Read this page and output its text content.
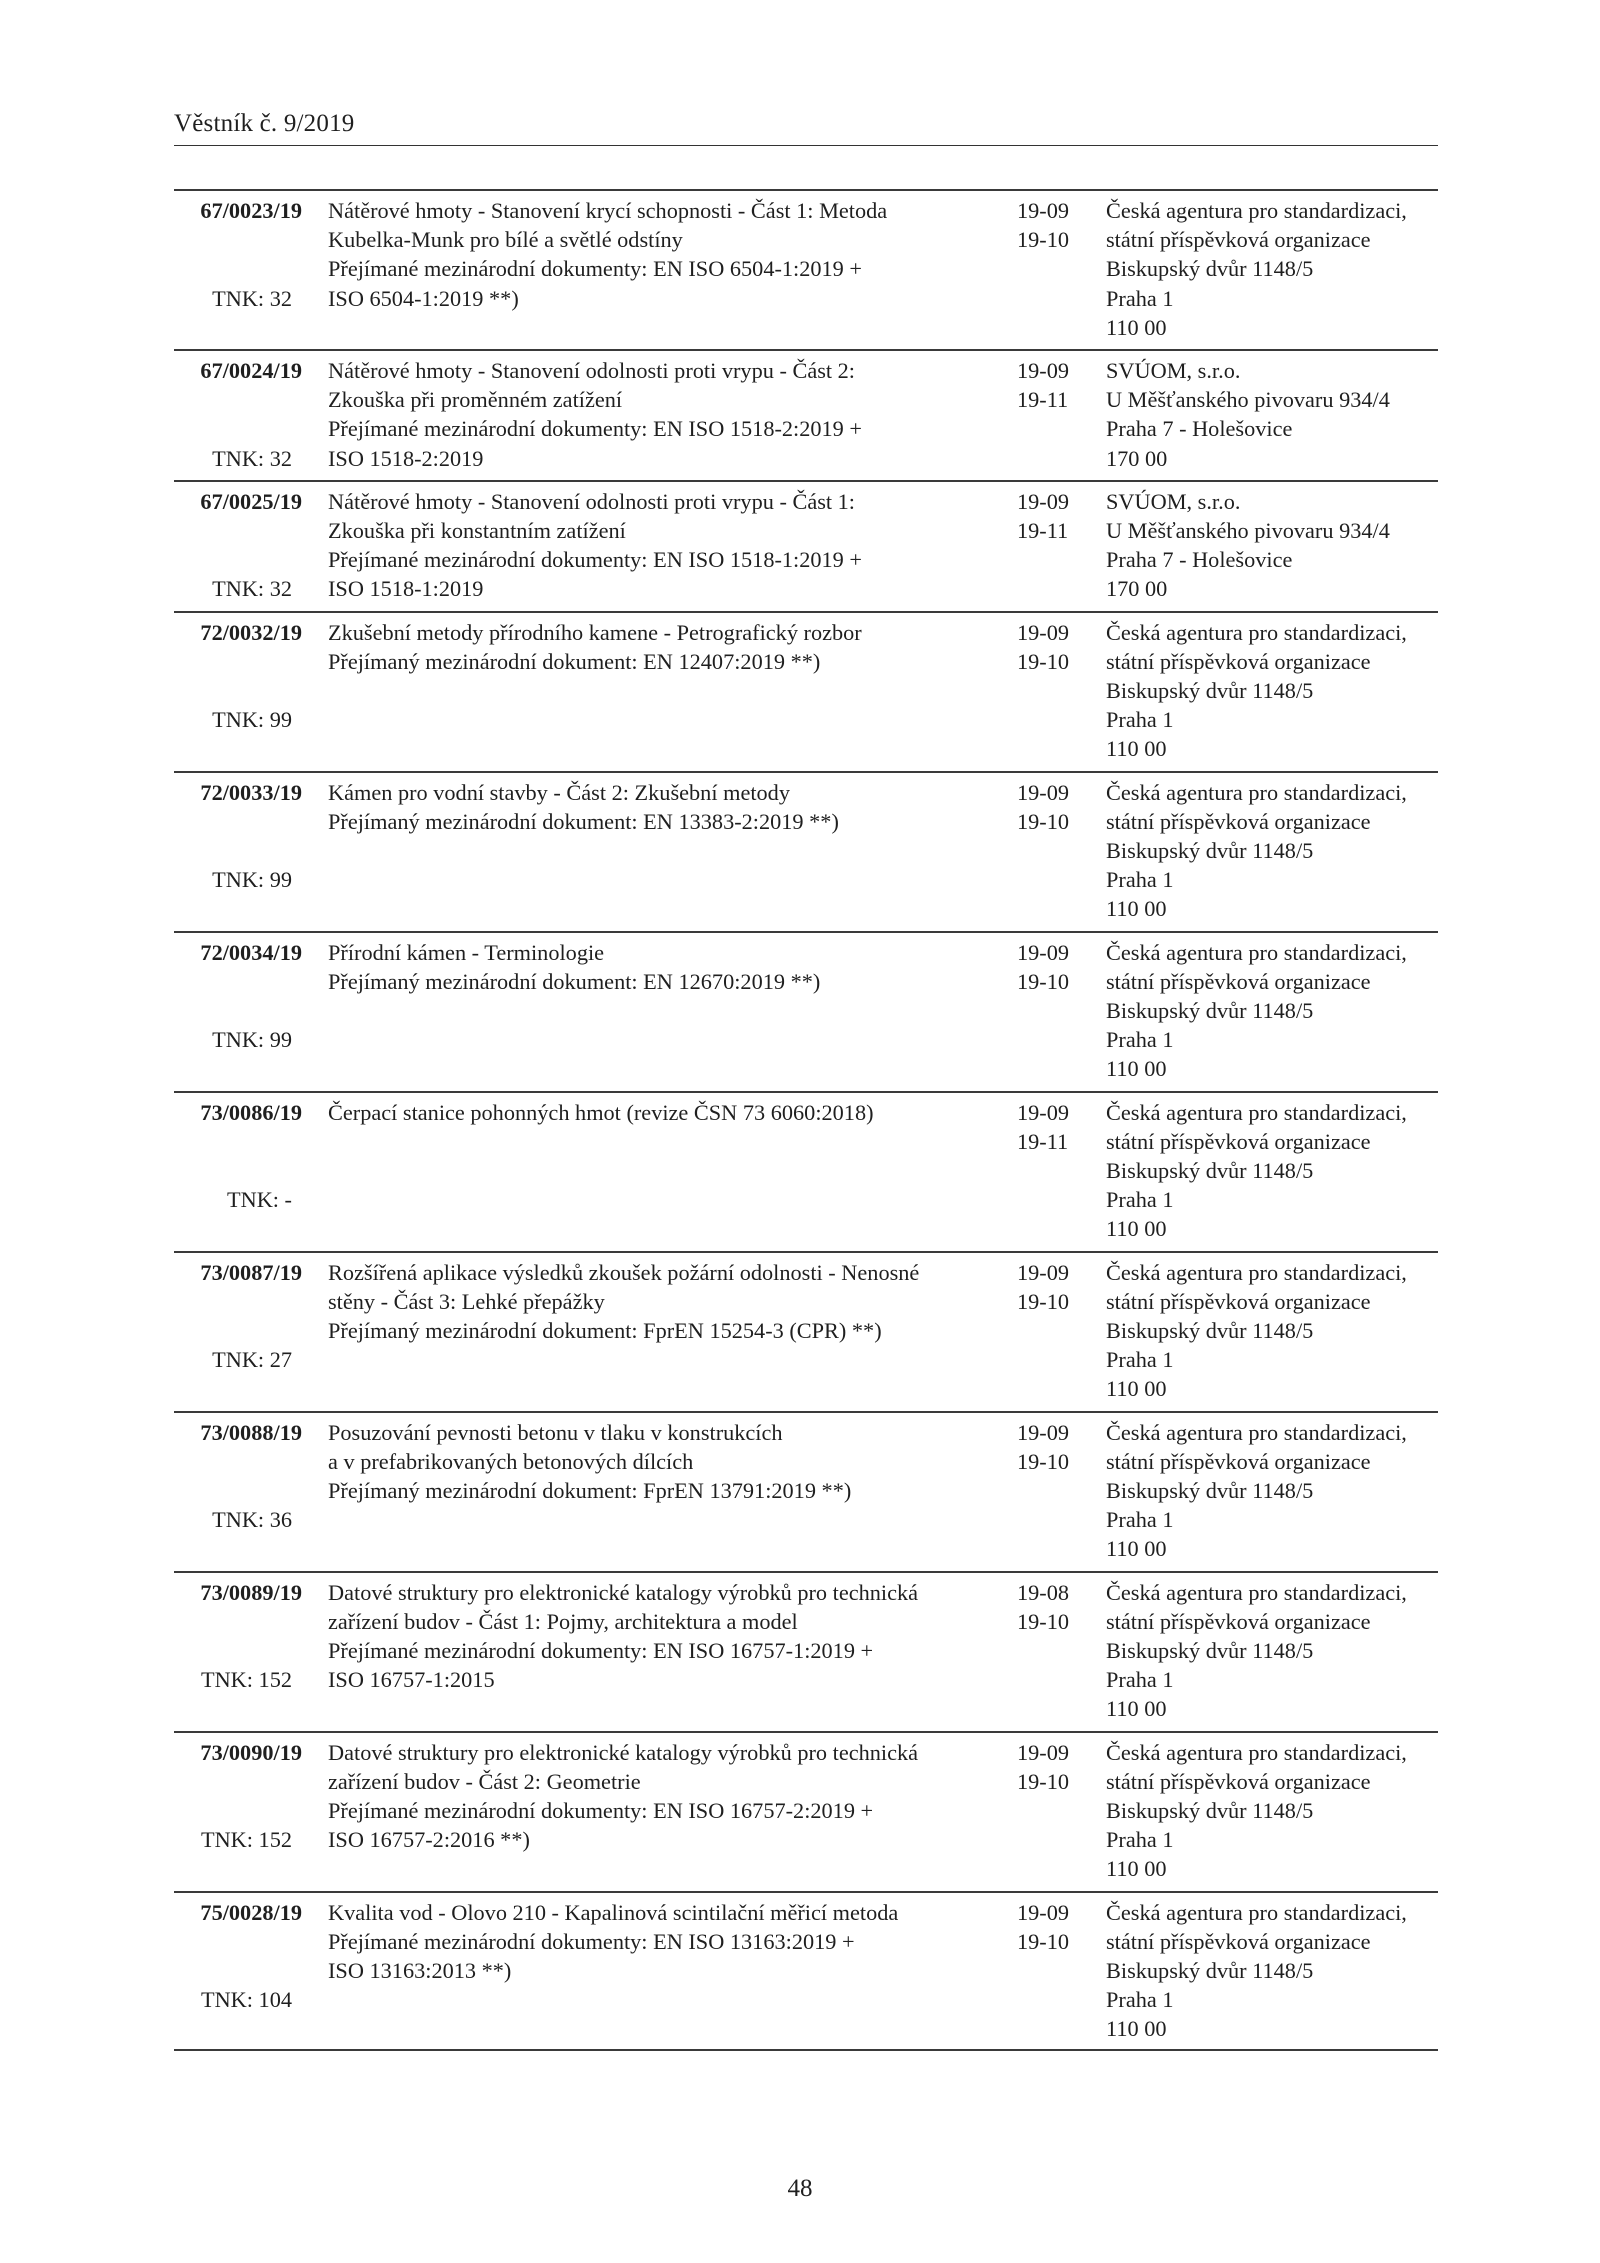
Věstník č. 9/2019
67/0023/19
TNK: 32
Nátěrové hmoty - Stanovení krycí schopnosti - Část 1: Metoda
Kubelka-Munk pro bílé a světlé odstíny
Přejímané mezinárodní dokumenty: EN ISO 6504-1:2019 +
ISO 6504-1:2019 **)
19-09
19-10
Česká agentura pro standardizaci,
státní příspěvková organizace
Biskupský dvůr 1148/5
Praha 1
110 00
67/0024/19
TNK: 32
Nátěrové hmoty - Stanovení odolnosti proti vrypu - Část 2:
Zkouška při proměnném zatížení
Přejímané mezinárodní dokumenty: EN ISO 1518-2:2019 +
ISO 1518-2:2019
19-09
19-11
SVÚOM, s.r.o.
U Měšťanského pivovaru 934/4
Praha 7 - Holešovice
170 00
67/0025/19
TNK: 32
Nátěrové hmoty - Stanovení odolnosti proti vrypu - Část 1:
Zkouška při konstantním zatížení
Přejímané mezinárodní dokumenty: EN ISO 1518-1:2019 +
ISO 1518-1:2019
19-09
19-11
SVÚOM, s.r.o.
U Měšťanského pivovaru 934/4
Praha 7 - Holešovice
170 00
72/0032/19
TNK: 99
Zkušební metody přírodního kamene - Petrografický rozbor
Přejímaný mezinárodní dokument: EN 12407:2019 **)
19-09
19-10
Česká agentura pro standardizaci,
státní příspěvková organizace
Biskupský dvůr 1148/5
Praha 1
110 00
72/0033/19
TNK: 99
Kámen pro vodní stavby - Část 2: Zkušební metody
Přejímaný mezinárodní dokument: EN 13383-2:2019 **)
19-09
19-10
Česká agentura pro standardizaci,
státní příspěvková organizace
Biskupský dvůr 1148/5
Praha 1
110 00
72/0034/19
TNK: 99
Přírodní kámen - Terminologie
Přejímaný mezinárodní dokument: EN 12670:2019 **)
19-09
19-10
Česká agentura pro standardizaci,
státní příspěvková organizace
Biskupský dvůr 1148/5
Praha 1
110 00
73/0086/19
TNK: -
Čerpací stanice pohonných hmot (revize ČSN 73 6060:2018)	19-09
19-11
Česká agentura pro standardizaci,
státní příspěvková organizace
Biskupský dvůr 1148/5
Praha 1
110 00
73/0087/19
TNK: 27
Rozšířená aplikace výsledků zkoušek požární odolnosti - Nenosné
stěny - Část 3: Lehké přepážky
Přejímaný mezinárodní dokument: FprEN 15254-3 (CPR) **)
19-09
19-10
Česká agentura pro standardizaci,
státní příspěvková organizace
Biskupský dvůr 1148/5
Praha 1
110 00
73/0088/19
TNK: 36
Posuzování pevnosti betonu v tlaku v konstrukcích
a v prefabrikovaných betonových dílcích
Přejímaný mezinárodní dokument: FprEN 13791:2019 **)
19-09
19-10
Česká agentura pro standardizaci,
státní příspěvková organizace
Biskupský dvůr 1148/5
Praha 1
110 00
73/0089/19
TNK: 152
Datové struktury pro elektronické katalogy výrobků pro technická
zařízení budov - Část 1: Pojmy, architektura a model
Přejímané mezinárodní dokumenty: EN ISO 16757-1:2019 +
ISO 16757-1:2015
19-08
19-10
Česká agentura pro standardizaci,
státní příspěvková organizace
Biskupský dvůr 1148/5
Praha 1
110 00
73/0090/19
TNK: 152
Datové struktury pro elektronické katalogy výrobků pro technická
zařízení budov - Část 2: Geometrie
Přejímané mezinárodní dokumenty: EN ISO 16757-2:2019 +
ISO 16757-2:2016 **)
19-09
19-10
Česká agentura pro standardizaci,
státní příspěvková organizace
Biskupský dvůr 1148/5
Praha 1
110 00
75/0028/19
TNK: 104
Kvalita vod - Olovo 210 - Kapalinová scintilační měřicí metoda
Přejímané mezinárodní dokumenty: EN ISO 13163:2019 +
ISO 13163:2013 **)
19-09
19-10
Česká agentura pro standardizaci,
státní příspěvková organizace
Biskupský dvůr 1148/5
Praha 1
110 00
48
